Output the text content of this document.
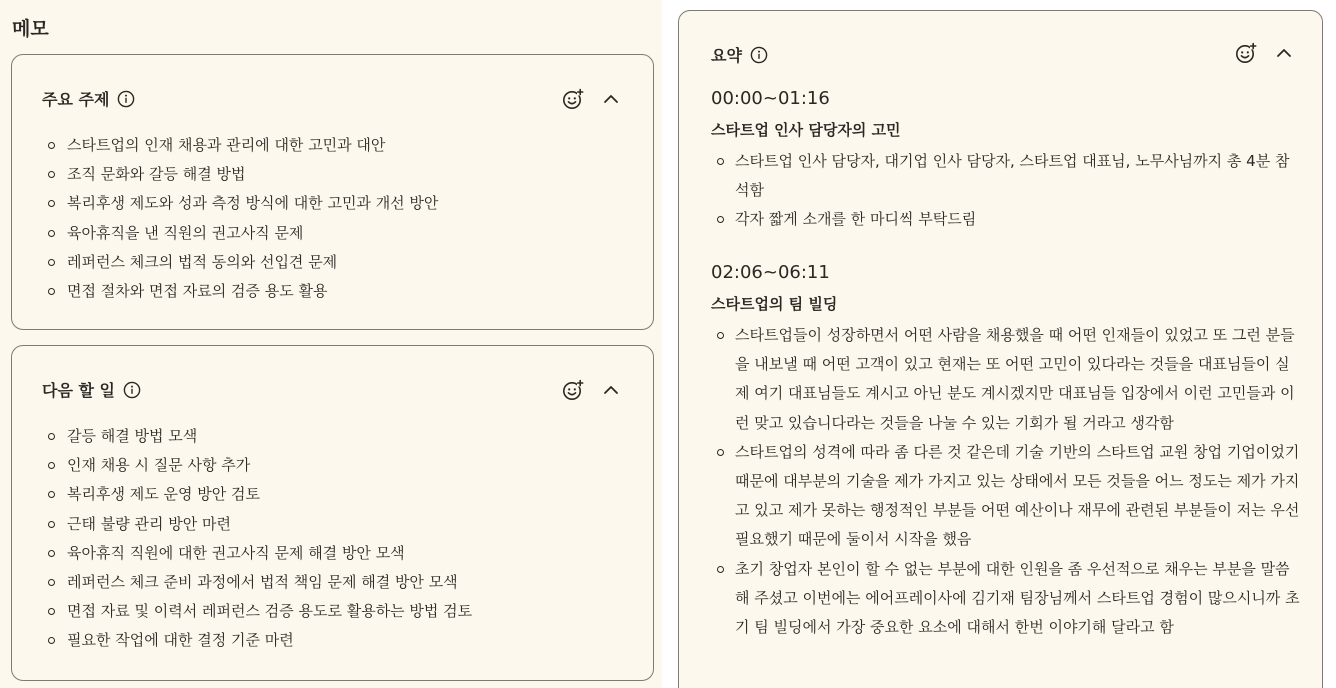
메모
주요 주제
스타트업의 인재 채용과 관리에 대한 고민과 대안
조직 문화와 갈등 해결 방법
복리후생 제도와 성과 측정 방식에 대한 고민과 개선 방안
육아휴직을 낸 직원의 권고사직 문제
레퍼런스 체크의 법적 동의와 선입견 문제
면접 절차와 면접 자료의 검증 용도 활용
다음 할 일
갈등 해결 방법 모색
인재 채용 시 질문 사항 추가
복리후생 제도 운영 방안 검토
근태 불량 관리 방안 마련
육아휴직 직원에 대한 권고사직 문제 해결 방안 모색
레퍼런스 체크 준비 과정에서 법적 책임 문제 해결 방안 모색
면접 자료 및 이력서 레퍼런스 검증 용도로 활용하는 방법 검토
필요한 작업에 대한 결정 기준 마련
요약
00:00~01:16
스타트업 인사 담당자의 고민
스타트업 인사 담당자, 대기업 인사 담당자, 스타트업 대표님, 노무사님까지 총 4분 참석함
각자 짧게 소개를 한 마디씩 부탁드림
02:06~06:11
스타트업의 팀 빌딩
스타트업들이 성장하면서 어떤 사람을 채용했을 때 어떤 인재들이 있었고 또 그런 분들을 내보낼 때 어떤 고객이 있고 현재는 또 어떤 고민이 있다라는 것들을 대표님들이 실제 여기 대표님들도 계시고 아닌 분도 계시겠지만 대표님들 입장에서 이런 고민들과 이런 맞고 있습니다라는 것들을 나눌 수 있는 기회가 될 거라고 생각함
스타트업의 성격에 따라 좀 다른 것 같은데 기술 기반의 스타트업 교원 창업 기업이었기 때문에 대부분의 기술을 제가 가지고 있는 상태에서 모든 것들을 어느 정도는 제가 가지고 있고 제가 못하는 행정적인 부분들 어떤 예산이나 재무에 관련된 부분들이 저는 우선 필요했기 때문에 둘이서 시작을 했음
초기 창업자 본인이 할 수 없는 부분에 대한 인원을 좀 우선적으로 채우는 부분을 말씀해 주셨고 이번에는 에어프레이사에 김기재 팀장님께서 스타트업 경험이 많으시니까 초기 팀 빌딩에서 가장 중요한 요소에 대해서 한번 이야기해 달라고 함
